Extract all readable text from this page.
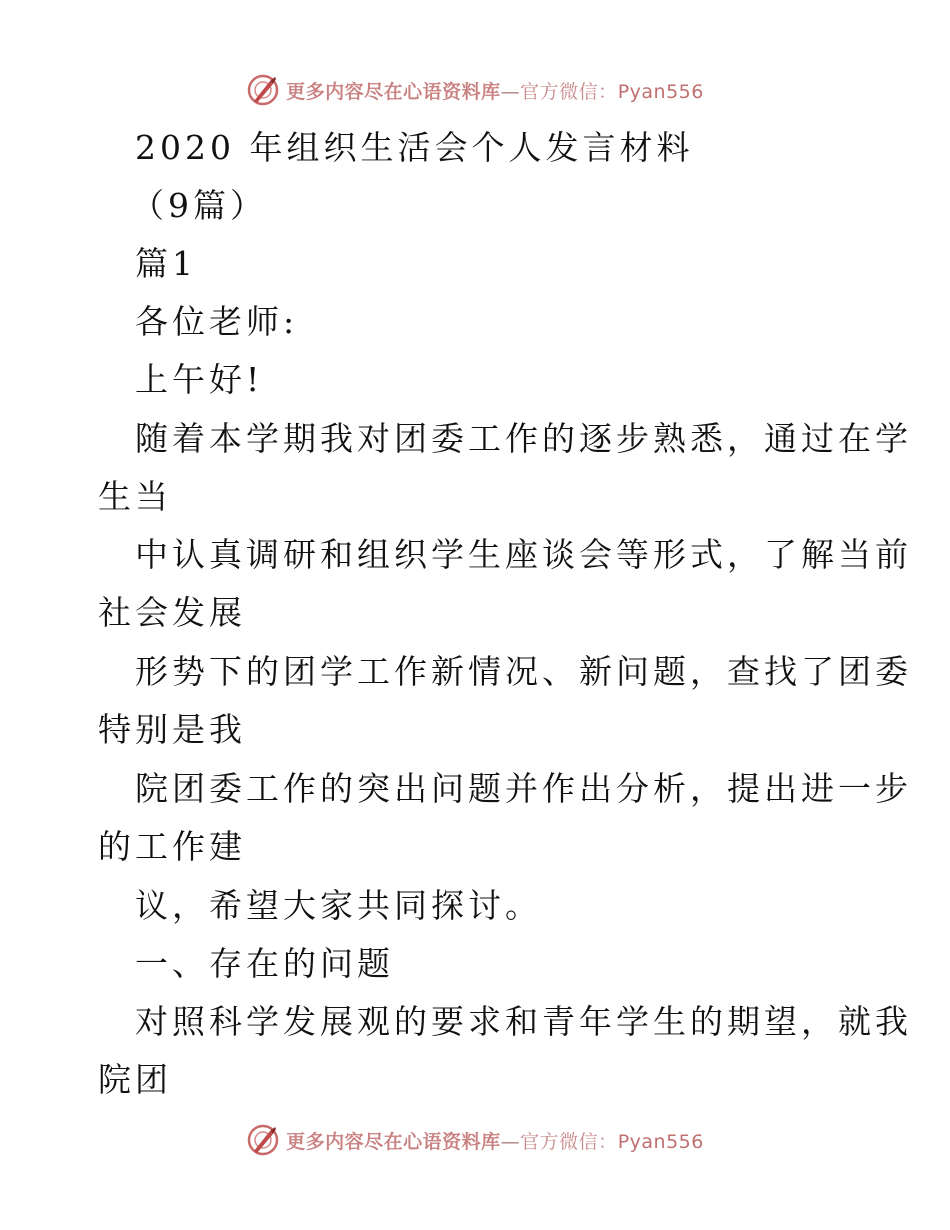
更多内容尽在心语资料库—官方微信：Pyan556
2020 年组织生活会个人发言材料
（9篇）
篇1
各位老师:
上午好!
随着本学期我对团委工作的逐步熟悉，通过在学
生当
中认真调研和组织学生座谈会等形式，了解当前
社会发展
形势下的团学工作新情况、新问题，查找了团委
特别是我
院团委工作的突出问题并作出分析，提出进一步
的工作建
议，希望大家共同探讨。
一、存在的问题
对照科学发展观的要求和青年学生的期望，就我
院团
更多内容尽在心语资料库—官方微信：Pyan556
